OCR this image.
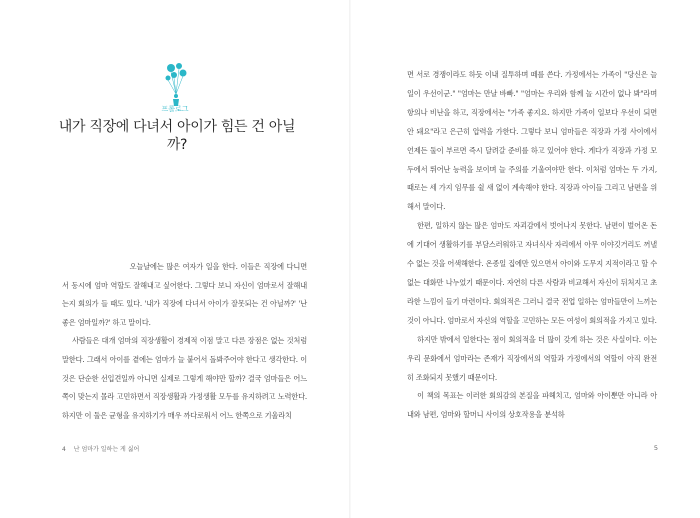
프롤로그
내가 직장에 다녀서 아이가 힘든 건 아닐까?

오늘날에는 많은 여자가 일을 한다. 이들은 직장에 다니면서 동시에 엄마 역할도 잘해내고 싶어한다. 그렇다 보니 자신이 엄마로서 잘해내는지 회의가 들 때도 있다. '내가 직장에 다녀서 아이가 잘못되는 건 아닐까?' '난 좋은 엄마일까?' 하고 말이다.

사람들은 대개 엄마의 직장생활이 경제적 이점 말고 다른 장점은 없는 것처럼 말한다. 그래서 아이를 곁에는 엄마가 늘 붙어서 돌봐주어야 한다고 생각한다. 이것은 단순한 선입견일까 아니면 실제로 그렇게 해야만 할까? 결국 엄마들은 어느 쪽이 맞는지 몰라 고민하면서 직장생활과 가정생활 모두를 유지하려고 노력한다. 하지만 이 둘은 균형을 유지하기가 매우 까다로워서 어느 한쪽으로 기울라치

4 난 엄마가 일하는 게 싫어

면 서로 경쟁이라도 하듯 이내 질투하며 떼를 쓴다. 가정에서는 가족이 "당신은 늘 일이 우선이군." "엄마는 만날 바빠." "엄마는 우리와 함께 놀 시간이 없나 봐"라며 항의나 비난을 하고, 직장에서는 "가족 좋지요. 하지만 가족이 일보다 우선이 되면 안 돼요"라고 은근히 압력을 가한다. 그렇다 보니 엄마들은 직장과 가정 사이에서 언제든 둘이 부르면 즉시 달려갈 준비를 하고 있어야 한다. 게다가 직장과 가정 모두에서 뛰어난 능력을 보이며 늘 주의를 기울여야만 한다. 이처럼 엄마는 두 가지, 때로는 세 가지 임무를 쉴 새 없이 계속해야 한다. 직장과 아이들 그리고 남편을 위해서 말이다.

한편, 일하지 않는 많은 엄마도 자괴감에서 벗어나지 못한다. 남편이 벌어온 돈에 기대어 생활하기를 부담스러워하고 자녀식사 자리에서 아무 이야깃거리도 꺼낼 수 없는 것을 어색해한다. 온종일 집에만 있으면서 아이와 도무지 지적이라고 할 수 없는 대화만 나누었기 때문이다. 자연히 다른 사람과 비교해서 자신이 뒤처지고 초라한 느낌이 들기 마련이다. 회의적은 그러니 결국 전업 일하는 엄마들만이 느끼는 것이 아니다. 엄마로서 자신의 역할을 고민하는 모든 여성이 회의적을 가지고 있다.

하지만 밖에서 일한다는 점이 회의적을 더 많이 갖게 하는 것은 사실이다. 이는 우리 문화에서 엄마라는 존재가 직장에서의 역할과 가정에서의 역할이 아직 완전히 조화되지 못했기 때문이다.

이 책의 목표는 이러한 회의감의 본질을 파헤치고, 엄마와 아이뿐만 아니라 아내와 남편, 엄마와 할머니 사이의 상호작용을 분석하

5
